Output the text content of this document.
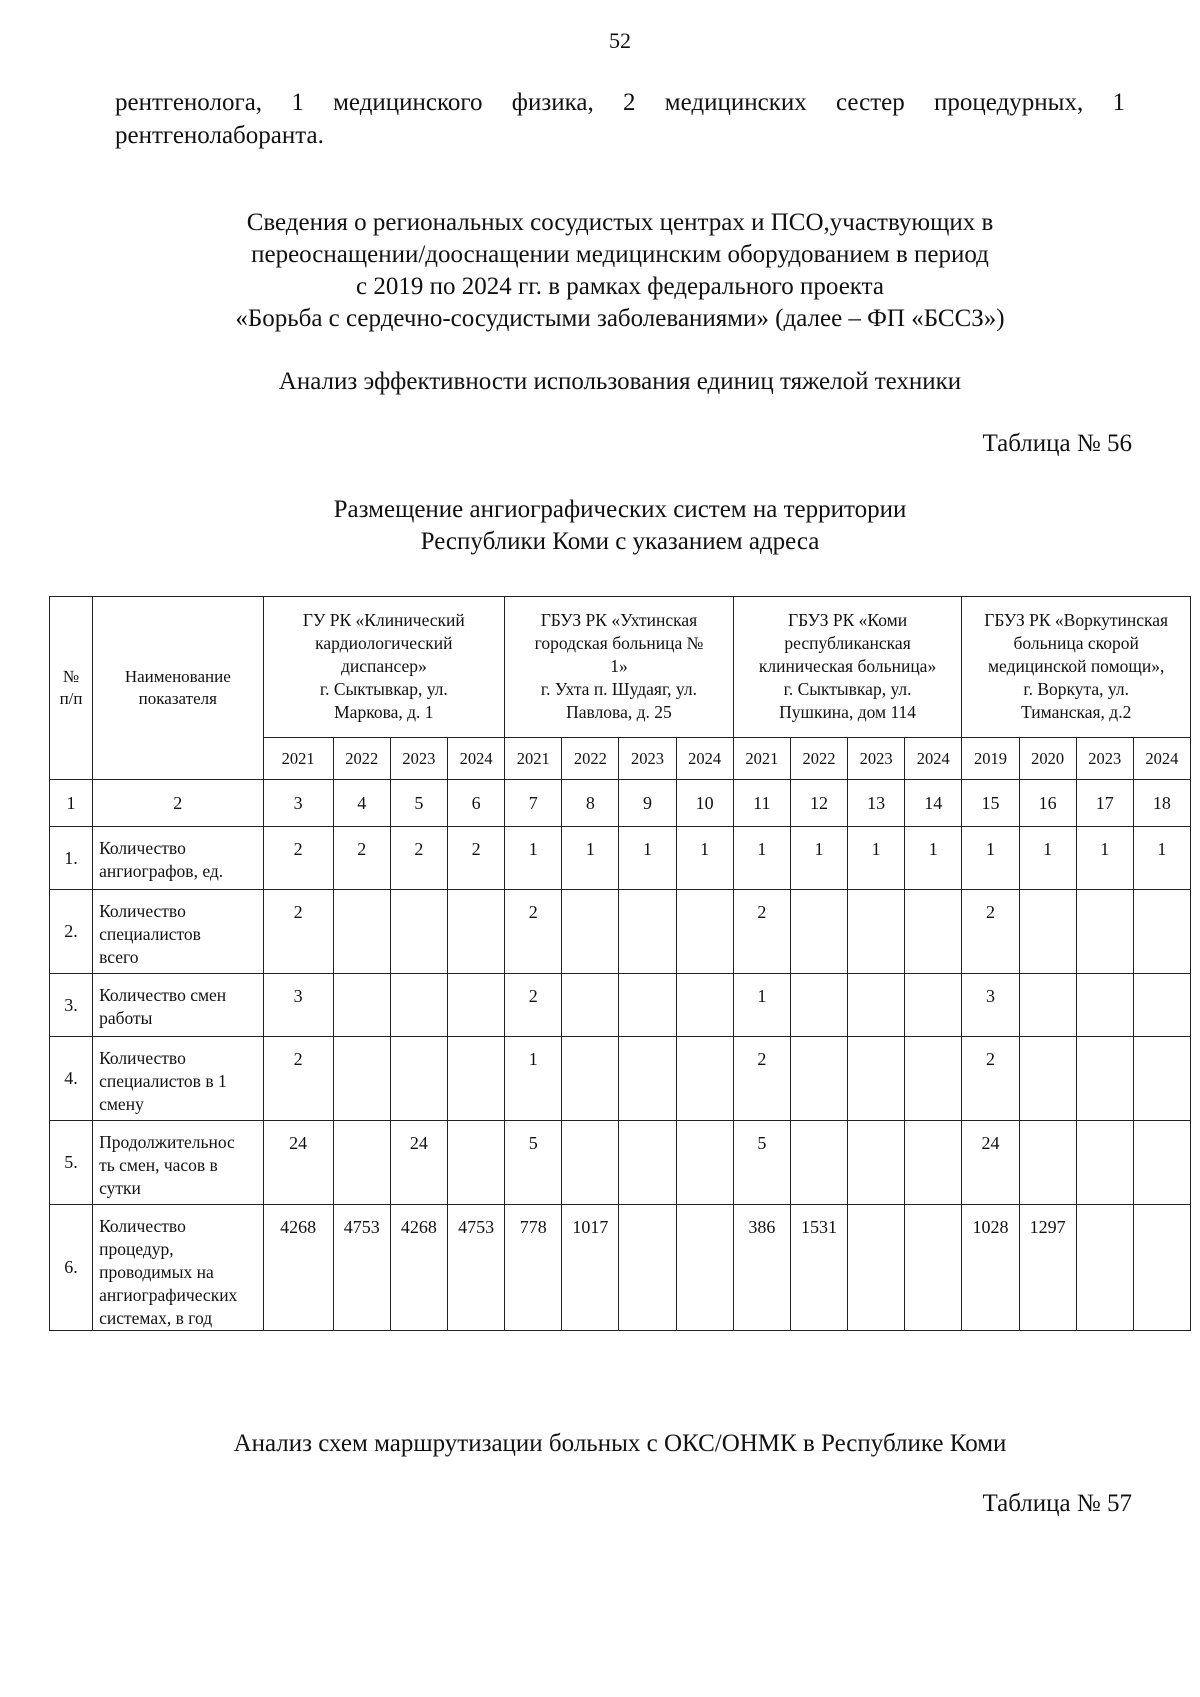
52

рентгенолога, 1 медицинского физика, 2 медицинских сестер процедурных, 1 рентгенолаборанта.

Сведения о региональных сосудистых центрах и ПСО,участвующих в
переоснащении/дооснащении медицинским оборудованием в период
с 2019 по 2024 гг. в рамках федерального проекта
«Борьба с сердечно-сосудистыми заболеваниями» (далее – ФП «БССЗ»)
Анализ эффективности использования единиц тяжелой техники

Таблица № 56

Размещение ангиографических систем на территории
Республики Коми с указанием адреса
№
п/п	Наименование
показателя	ГУ РК «Клинический
кардиологический
диспансер»
г. Сыктывкар, ул.
Маркова, д. 1				ГБУЗ РК «Ухтинская
городская больница №
1»
г. Ухта п. Шудаяг, ул.
Павлова, д. 25				ГБУЗ РК «Коми
республиканская
клиническая больница»
г. Сыктывкар, ул.
Пушкина, дом 114				ГБУЗ РК «Воркутинская
больница скорой
медицинской помощи»,
г. Воркута, ул.
Тиманская, д.2			

		2021	2022	2023	2024	2021	2022	2023	2024	2021	2022	2023	2024	2019	2020	2023	2024
1	2	3	4	5	6	7	8	9	10	11	12	13	14	15	16	17	18
1.	Количество
ангиографов, ед.	2	2	2	2	1	1	1	1	1	1	1	1	1	1	1	1
2.	Количество
специалистов
всего	2				2				2				2			
3.	Количество смен
работы	3				2				1				3			
4.	Количество
специалистов в 1
смену	2				1				2				2			
5.	Продолжительнос
ть смен, часов в
сутки	24		24		5				5				24			
6.	Количество
процедур,
проводимых на
ангиографических
системах, в год	4268	4753	4268	4753	778	1017			386	1531			1028	1297		
Анализ схем маршрутизации больных с ОКС/ОНМК в Республике Коми

Таблица № 57
